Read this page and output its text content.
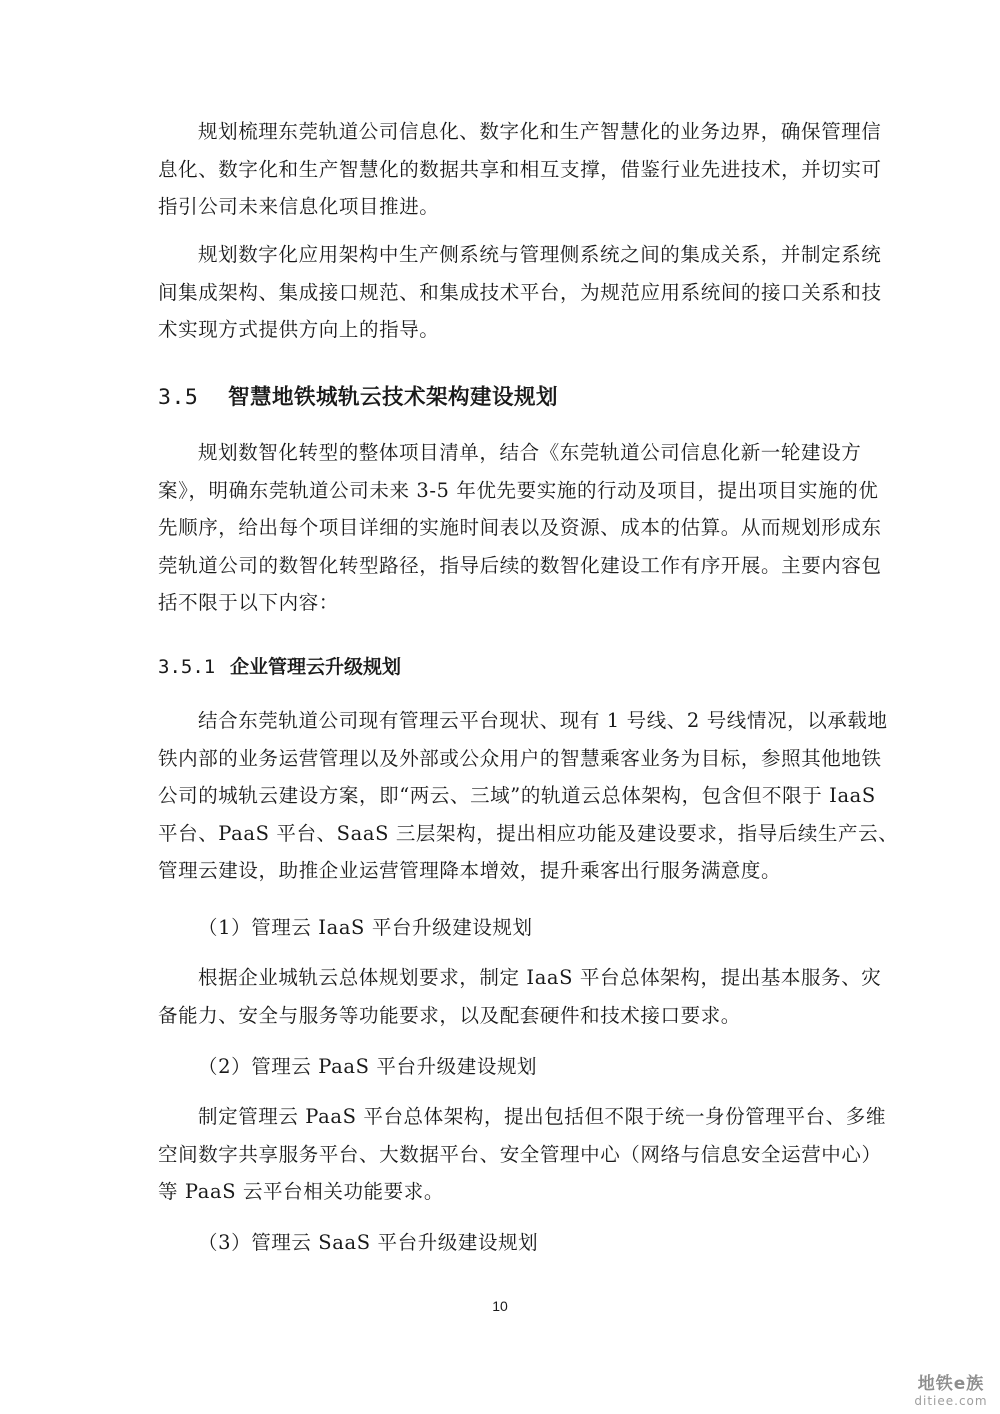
规划梳理东莞轨道公司信息化、数字化和生产智慧化的业务边界，确保管理信
息化、数字化和生产智慧化的数据共享和相互支撑，借鉴行业先进技术，并切实可
指引公司未来信息化项目推进。

规划数字化应用架构中生产侧系统与管理侧系统之间的集成关系，并制定系统
间集成架构、集成接口规范、和集成技术平台，为规范应用系统间的接口关系和技
术实现方式提供方向上的指导。

3.5 智慧地铁城轨云技术架构建设规划

规划数智化转型的整体项目清单，结合《东莞轨道公司信息化新一轮建设方
案》，明确东莞轨道公司未来 3-5 年优先要实施的行动及项目，提出项目实施的优
先顺序，给出每个项目详细的实施时间表以及资源、成本的估算。从而规划形成东
莞轨道公司的数智化转型路径，指导后续的数智化建设工作有序开展。主要内容包
括不限于以下内容：

3.5.1 企业管理云升级规划

结合东莞轨道公司现有管理云平台现状、现有 1 号线、2 号线情况，以承载地
铁内部的业务运营管理以及外部或公众用户的智慧乘客业务为目标，参照其他地铁
公司的城轨云建设方案，即“两云、三域”的轨道云总体架构，包含但不限于 IaaS
平台、PaaS 平台、SaaS 三层架构，提出相应功能及建设要求，指导后续生产云、
管理云建设，助推企业运营管理降本增效，提升乘客出行服务满意度。

（1）管理云 IaaS 平台升级建设规划

根据企业城轨云总体规划要求，制定 IaaS 平台总体架构，提出基本服务、灾
备能力、安全与服务等功能要求，以及配套硬件和技术接口要求。

（2）管理云 PaaS 平台升级建设规划

制定管理云 PaaS 平台总体架构，提出包括但不限于统一身份管理平台、多维
空间数字共享服务平台、大数据平台、安全管理中心（网络与信息安全运营中心）
等 PaaS 云平台相关功能要求。

（3）管理云 SaaS 平台升级建设规划

10
地铁e族
ditiee.com
